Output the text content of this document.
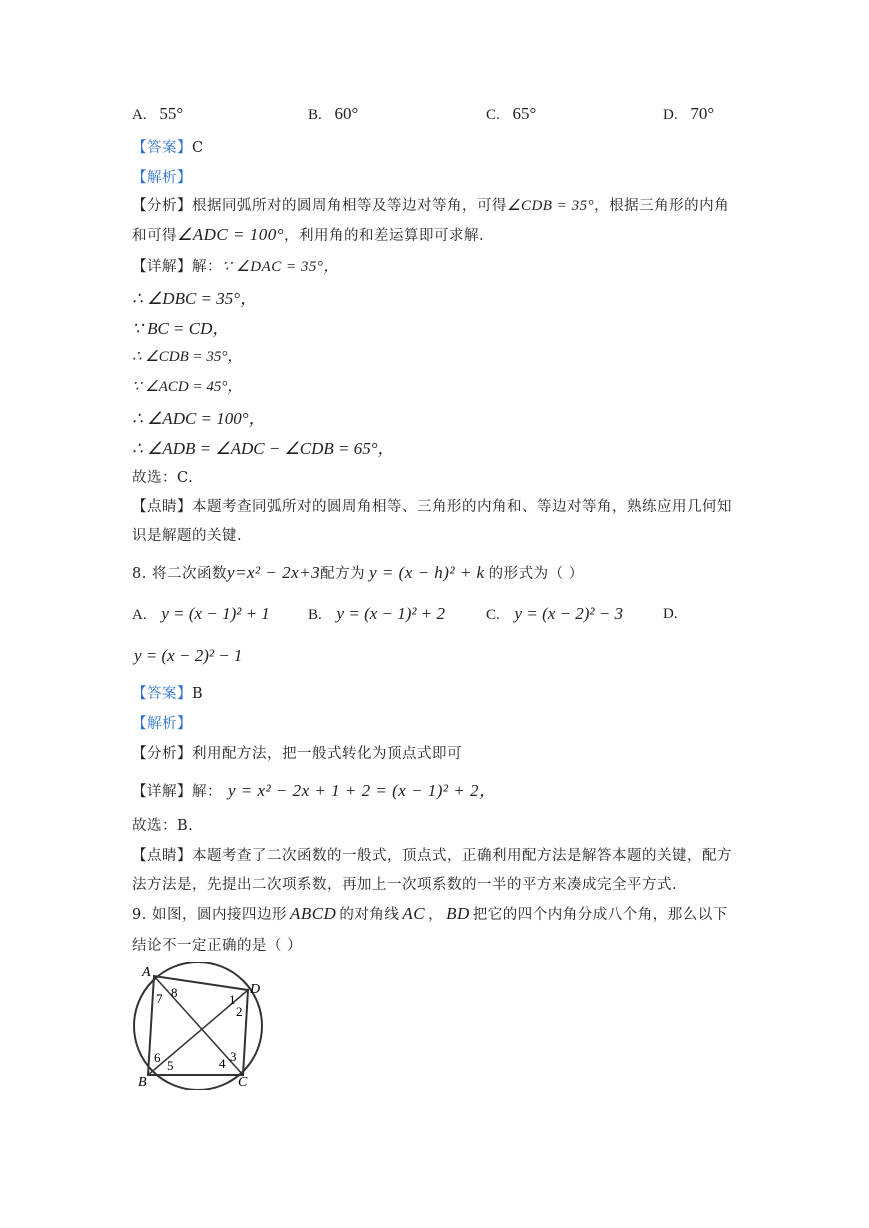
A. 55°	B. 60°	C. 65°	D. 70°
【答案】C
【解析】
【分析】根据同弧所对的圆周角相等及等边对等角，可得∠CDB = 35°，根据三角形的内角
和可得∠ADC = 100°，利用角的和差运算即可求解.
【详解】解：∵ ∠DAC = 35°，
∴ ∠DBC = 35°，
∵ BC = CD，
∴ ∠CDB = 35°，
∵ ∠ACD = 45°，
∴ ∠ADC = 100°，
∴ ∠ADB = ∠ADC − ∠CDB = 65°，
故选：C.
【点睛】本题考查同弧所对的圆周角相等、三角形的内角和、等边对等角，熟练应用几何知
识是解题的关键.
8. 将二次函数y=x² − 2x+3配方为 y = (x − h)² + k 的形式为（ ）
A. y = (x − 1)² + 1	B. y = (x − 1)² + 2	C. y = (x − 2)² − 3	D.
y = (x − 2)² − 1
【答案】B
【解析】
【分析】利用配方法，把一般式转化为顶点式即可
【详解】解： y = x² − 2x + 1 + 2 = (x − 1)² + 2，
故选：B.
【点睛】本题考查了二次函数的一般式，顶点式，正确利用配方法是解答本题的关键，配方
法方法是，先提出二次项系数，再加上一次项系数的一半的平方来凑成完全平方式.
9. 如图，圆内接四边形 ABCD 的对角线 AC ， BD 把它的四个内角分成八个角，那么以下
结论不一定正确的是（ ）
A
B	C
D
1
2
3
4
5
6
7 8
